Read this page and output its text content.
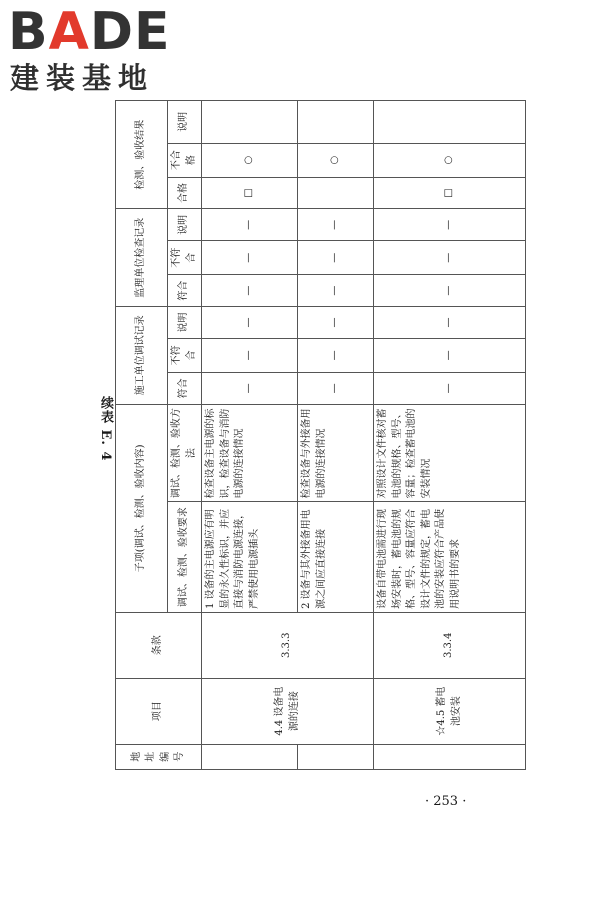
BADE
建装基地
续表 E. 4
地址编号	项目	条款	子项(调试、检测、验收内容)		施工单位调试记录			监理单位检查记录			检测、验收结果		
			调试、检测、验收要求	调试、检测、验收方法	符合	不符合	说明	符合	不符合	说明	合格	不合格	说明
	4.4 设备电源的连接	3.3.3	1 设备的主电源应有明显的永久性标识，并应直接与消防电源连接，严禁使用电源插头	检查设备主电源的标识，检查设备与消防电源的连接情况	—	—	—	—	—	—	□	○	
			2 设备与其外接备用电源之间应直接连接	检查设备与外接备用电源的连接情况	—	—	—	—	—	—		○	
	☆4.5 蓄电池安装	3.3.4	设备自带电池需进行现场安装时，蓄电池的规格、型号、容量应符合设计文件的规定，蓄电池的安装应符合产品使用说明书的要求	对照设计文件核对蓄电池的规格、型号、容量；检查蓄电池的安装情况	—	—	—	—	—	—	□	○	
· 253 ·
